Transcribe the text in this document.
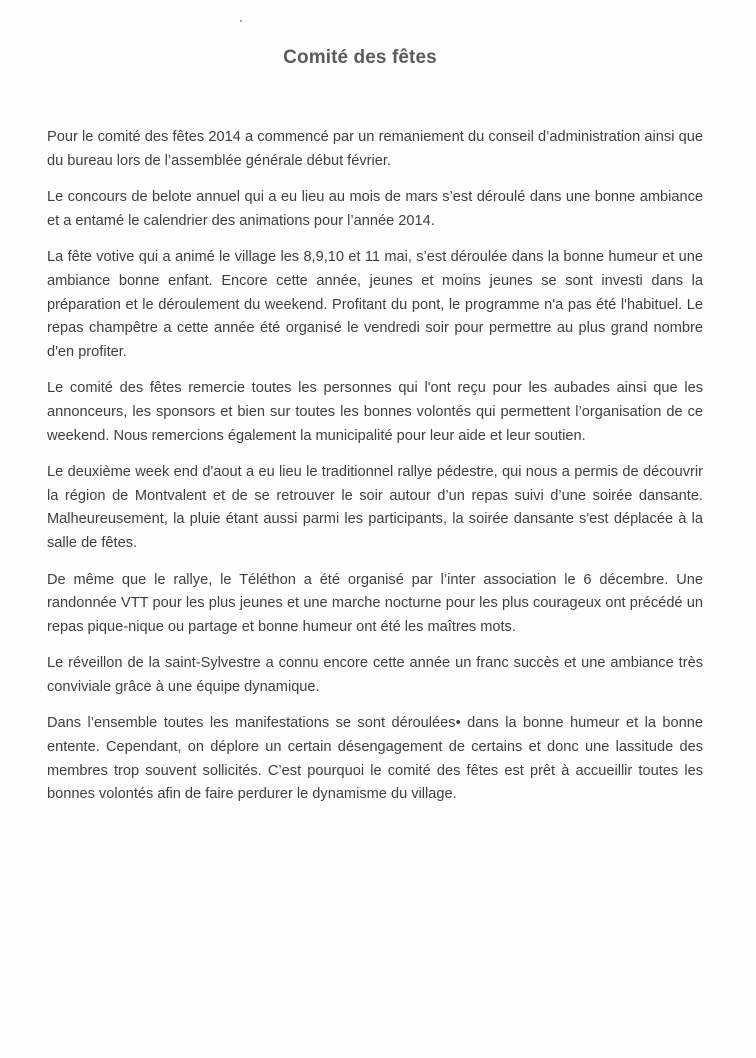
Comité des fêtes

Pour le comité des fêtes 2014 a commencé par un remaniement du conseil d’administration ainsi que du bureau lors de l’assemblée générale début février.

Le concours de belote annuel qui a eu lieu au mois de mars s’est déroulé dans une bonne ambiance et a entamé le calendrier des animations pour l’année 2014.

La fête votive qui a animé le village les 8,9,10 et 11 mai, s’est déroulée dans la bonne humeur et une ambiance bonne enfant. Encore cette année, jeunes et moins jeunes se sont investi dans la préparation et le déroulement du weekend. Profitant du pont, le programme n'a pas été l'habituel. Le repas champêtre a cette année été organisé le vendredi soir pour permettre au plus grand nombre d'en profiter.

Le comité des fêtes remercie toutes les personnes qui l'ont reçu pour les aubades ainsi que les annonceurs, les sponsors et bien sur toutes les bonnes volontés qui permettent l’organisation de ce weekend. Nous remercions également la municipalité pour leur aide et leur soutien.

Le deuxième week end d'aout a eu lieu le traditionnel rallye pédestre, qui nous a permis de découvrir la région de Montvalent et de se retrouver le soir autour d’un repas suivi d’une soirée dansante. Malheureusement, la pluie étant aussi parmi les participants, la soirée dansante s'est déplacée à la salle de fêtes.

De même que le rallye, le Téléthon a été organisé par l’inter association le 6 décembre. Une randonnée VTT pour les plus jeunes et une marche nocturne pour les plus courageux ont précédé un repas pique-nique ou partage et bonne humeur ont été les maîtres mots.

Le réveillon de la saint-Sylvestre a connu encore cette année un franc succès et une ambiance très conviviale grâce à une équipe dynamique.

Dans l’ensemble toutes les manifestations se sont déroulées• dans la bonne humeur et la bonne entente. Cependant, on déplore un certain désengagement de certains et donc une lassitude des membres trop souvent sollicités. C’est pourquoi le comité des fêtes est prêt à accueillir toutes les bonnes volontés afin de faire perdurer le dynamisme du village.
